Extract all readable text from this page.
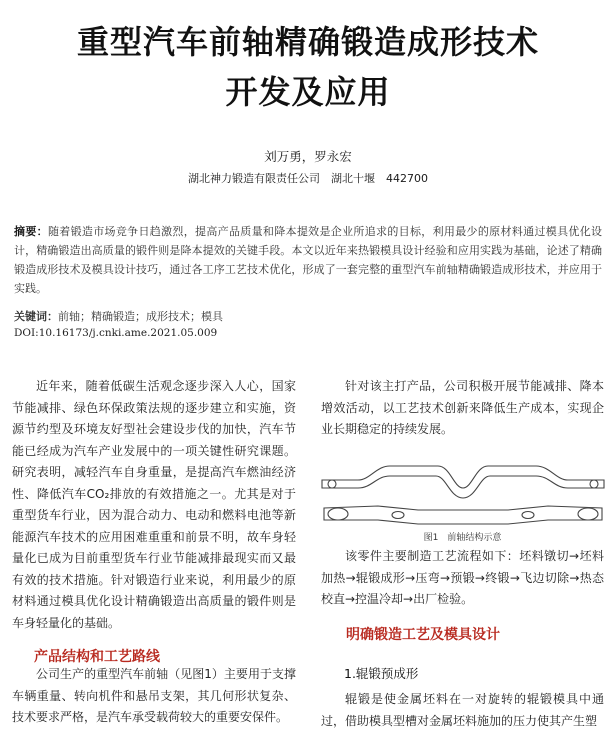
重型汽车前轴精确锻造成形技术
开发及应用
刘万勇，罗永宏
湖北神力锻造有限责任公司　湖北十堰　442700
摘要：随着锻造市场竞争日趋激烈，提高产品质量和降本提效是企业所追求的目标，利用最少的原材料通过模具优化设计，精确锻造出高质量的锻件则是降本提效的关键手段。本文以近年来热锻模具设计经验和应用实践为基础，论述了精确锻造成形技术及模具设计技巧，通过各工序工艺技术优化，形成了一套完整的重型汽车前轴精确锻造成形技术，并应用于实践。
关键词：前轴；精确锻造；成形技术；模具
DOI:10.16173/j.cnki.ame.2021.05.009

近年来，随着低碳生活观念逐步深入人心，国家节能减排、绿色环保政策法规的逐步建立和实施，资源节约型及环境友好型社会建设步伐的加快，汽车节能已经成为汽车产业发展中的一项关键性研究课题。研究表明，减轻汽车自身重量，是提高汽车燃油经济性、降低汽车CO₂排放的有效措施之一。尤其是对于重型货车行业，因为混合动力、电动和燃料电池等新能源汽车技术的应用困难重重和前景不明，故车身轻量化已成为目前重型货车行业节能减排最现实而又最有效的技术措施。针对锻造行业来说，利用最少的原材料通过模具优化设计精确锻造出高质量的锻件则是车身轻量化的基础。

产品结构和工艺路线

公司生产的重型汽车前轴（见图1）主要用于支撑车辆重量、转向机件和悬吊支架，其几何形状复杂、技术要求严格，是汽车承受载荷较大的重要安保件。

针对该主打产品，公司积极开展节能减排、降本增效活动，以工艺技术创新来降低生产成本，实现企业长期稳定的持续发展。

图1　前轴结构示意

该零件主要制造工艺流程如下：坯料镦切→坯料加热→辊锻成形→压弯→预锻→终锻→飞边切除→热态校直→控温冷却→出厂检验。

明确锻造工艺及模具设计
1.辊锻预成形

辊锻是使金属坯料在一对旋转的辊锻模具中通过，借助模具型槽对金属坯料施加的压力使其产生塑
